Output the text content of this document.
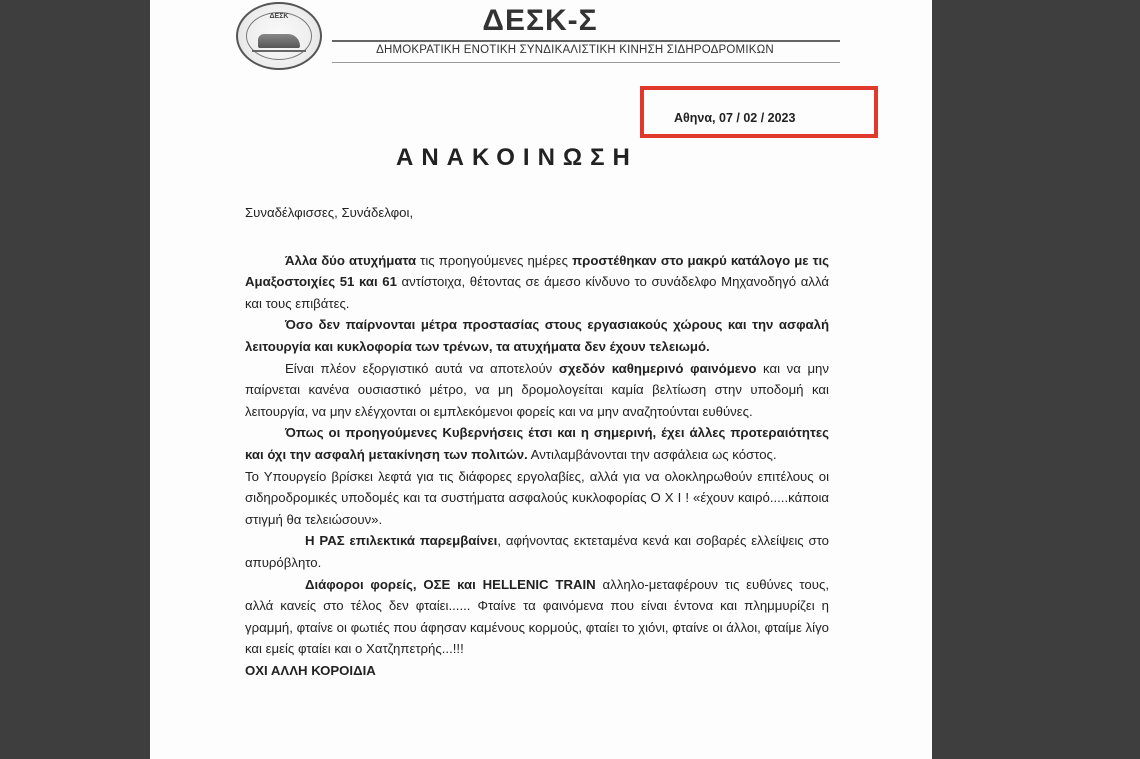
ΔΕΣΚ	ΔΕΣΚ-Σ
ΔΗΜΟΚΡΑΤΙΚΗ ΕΝΟΤΙΚΗ ΣΥΝΔΙΚΑΛΙΣΤΙΚΗ ΚΙΝΗΣΗ ΣΙΔΗΡΟΔΡΟΜΙΚΩΝ
Αθηνα, 07 / 02 / 2023
ΑΝΑΚΟΙΝΩΣΗ

Συναδέλφισσες, Συνάδελφοι,

Άλλα δύο ατυχήματα τις προηγούμενες ημέρες προστέθηκαν στο μακρύ κατάλογο με τις Αμαξοστοιχίες 51 και 61 αντίστοιχα, θέτοντας σε άμεσο κίνδυνο το συνάδελφο Μηχανοδηγό αλλά και τους επιβάτες.

Όσο δεν παίρνονται μέτρα προστασίας στους εργασιακούς χώρους και την ασφαλή λειτουργία και κυκλοφορία των τρένων, τα ατυχήματα δεν έχουν τελειωμό.

Είναι πλέον εξοργιστικό αυτά να αποτελούν σχεδόν καθημερινό φαινόμενο και να μην παίρνεται κανένα ουσιαστικό μέτρο, να μη δρομολογείται καμία βελτίωση στην υποδομή και λειτουργία, να μην ελέγχονται οι εμπλεκόμενοι φορείς και να μην αναζητούνται ευθύνες.

Όπως οι προηγούμενες Κυβερνήσεις έτσι και η σημερινή, έχει άλλες προτεραιότητες και όχι την ασφαλή μετακίνηση των πολιτών. Αντιλαμβάνονται την ασφάλεια ως κόστος.

Το Υπουργείο βρίσκει λεφτά για τις διάφορες εργολαβίες, αλλά για να ολοκληρωθούν επιτέλους οι σιδηροδρομικές υποδομές και τα συστήματα ασφαλούς κυκλοφορίας Ο Χ Ι ! «έχουν καιρό.....κάποια στιγμή θα τελειώσουν».

Η ΡΑΣ επιλεκτικά παρεμβαίνει, αφήνοντας εκτεταμένα κενά και σοβαρές ελλείψεις στο απυρόβλητο.

Διάφοροι φορείς, ΟΣΕ και HELLENIC TRAIN αλληλο-μεταφέρουν τις ευθύνες τους, αλλά κανείς στο τέλος δεν φταίει...... Φταίνε τα φαινόμενα που είναι έντονα και πλημμυρίζει η γραμμή, φταίνε οι φωτιές που άφησαν καμένους κορμούς, φταίει το χιόνι, φταίνε οι άλλοι, φταίμε λίγο και εμείς φταίει και ο Χατζηπετρής...!!!

ΟΧΙ ΑΛΛΗ ΚΟΡΟΙΔΙΑ
